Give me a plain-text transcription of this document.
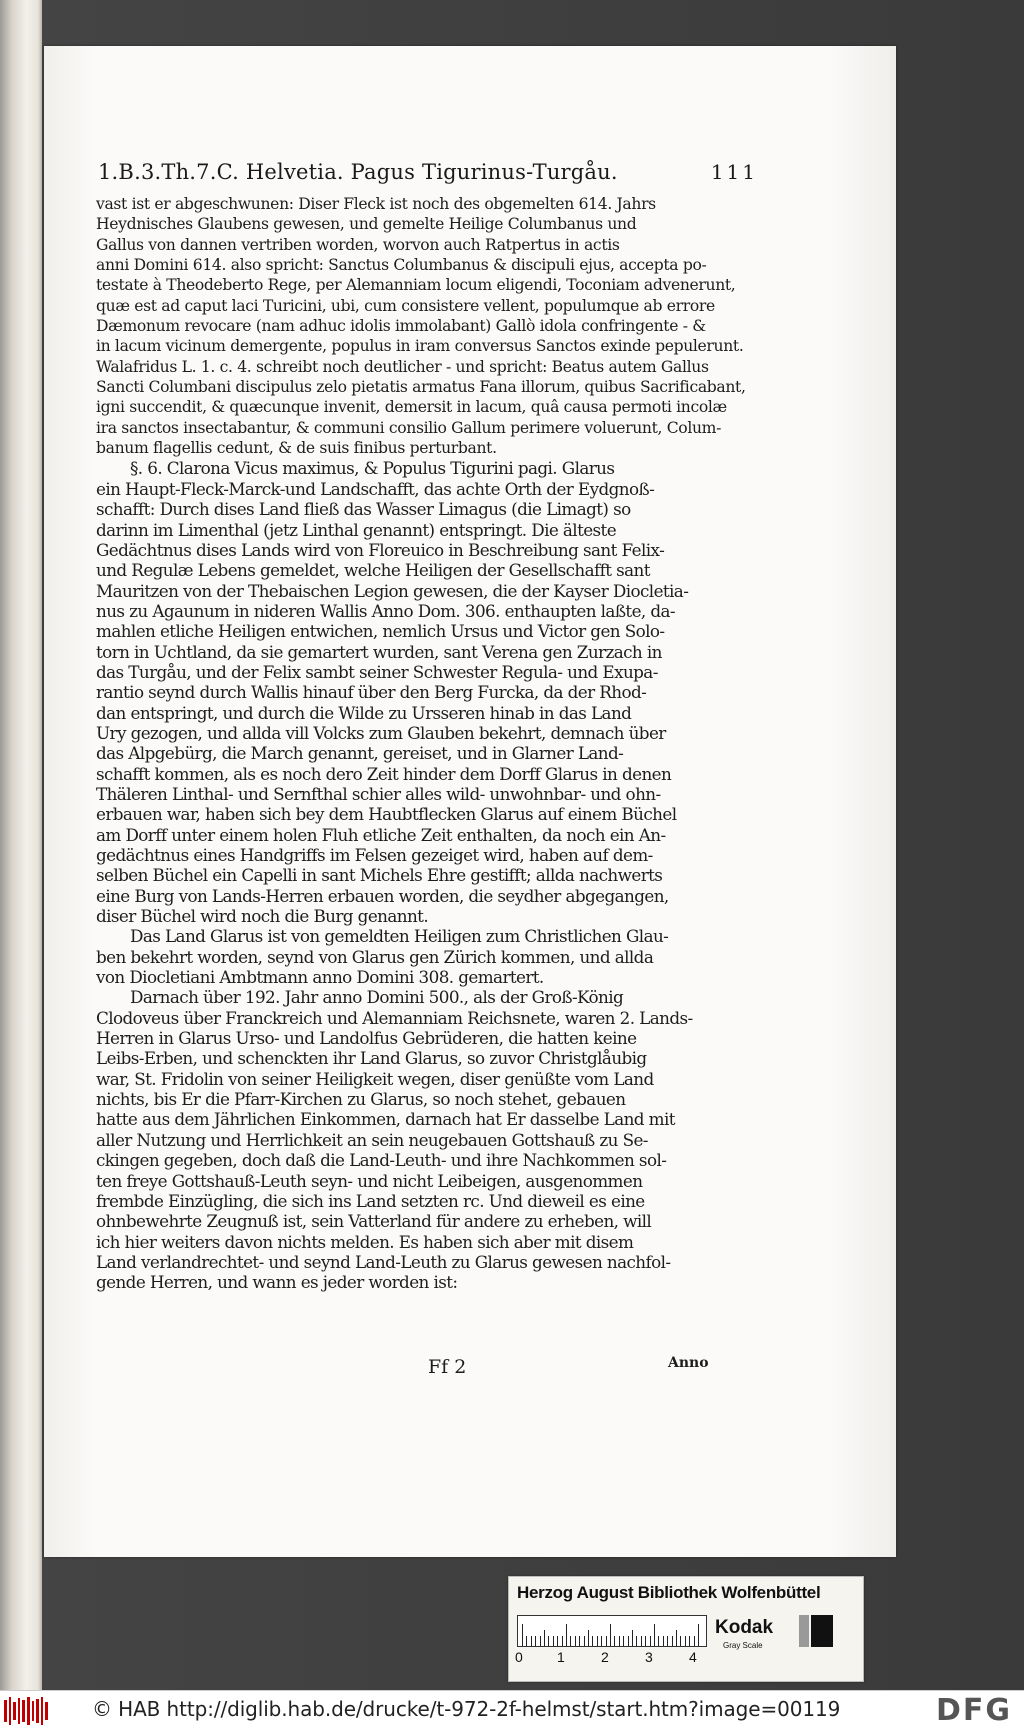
1.B.3.Th.7.C. Helvetia. Pagus Tigurinus-Turgåu.	111
vast ist er abgeschwunen: Diser Fleck ist noch des obgemelten 614. Jahrs
Heydnisches Glaubens gewesen, und gemelte Heilige Columbanus und
Gallus von dannen vertriben worden, worvon auch Ratpertus in actis
anni Domini 614. also spricht: Sanctus Columbanus & discipuli ejus, accepta po-
testate à Theodeberto Rege, per Alemanniam locum eligendi, Toconiam advenerunt,
quæ est ad caput laci Turicini, ubi, cum consistere vellent, populumque ab errore
Dæmonum revocare (nam adhuc idolis immolabant) Gallò idola confringente - &
in lacum vicinum demergente, populus in iram conversus Sanctos exinde pepulerunt.
Walafridus L. 1. c. 4. schreibt noch deutlicher - und spricht: Beatus autem Gallus
Sancti Columbani discipulus zelo pietatis armatus Fana illorum, quibus Sacrificabant,
igni succendit, & quæcunque invenit, demersit in lacum, quâ causa permoti incolæ
ira sanctos insectabantur, & communi consilio Gallum perimere voluerunt, Colum-
banum flagellis cedunt, & de suis finibus perturbant.
§. 6. Clarona Vicus maximus, & Populus Tigurini pagi. Glarus
ein Haupt-Fleck-Marck-und Landschafft, das achte Orth der Eydgnoß-
schafft: Durch dises Land fließ das Wasser Limagus (die Limagt) so
darinn im Limenthal (jetz Linthal genannt) entspringt. Die älteste
Gedächtnus dises Lands wird von Floreuico in Beschreibung sant Felix-
und Regulæ Lebens gemeldet, welche Heiligen der Gesellschafft sant
Mauritzen von der Thebaischen Legion gewesen, die der Kayser Diocletia-
nus zu Agaunum in nideren Wallis Anno Dom. 306. enthaupten laßte, da-
mahlen etliche Heiligen entwichen, nemlich Ursus und Victor gen Solo-
torn in Uchtland, da sie gemartert wurden, sant Verena gen Zurzach in
das Turgåu, und der Felix sambt seiner Schwester Regula- und Exupa-
rantio seynd durch Wallis hinauf über den Berg Furcka, da der Rhod-
dan entspringt, und durch die Wilde zu Ursseren hinab in das Land
Ury gezogen, und allda vill Volcks zum Glauben bekehrt, demnach über
das Alpgebürg, die March genannt, gereiset, und in Glarner Land-
schafft kommen, als es noch dero Zeit hinder dem Dorff Glarus in denen
Thäleren Linthal- und Sernfthal schier alles wild- unwohnbar- und ohn-
erbauen war, haben sich bey dem Haubtflecken Glarus auf einem Büchel
am Dorff unter einem holen Fluh etliche Zeit enthalten, da noch ein An-
gedächtnus eines Handgriffs im Felsen gezeiget wird, haben auf dem-
selben Büchel ein Capelli in sant Michels Ehre gestifft; allda nachwerts
eine Burg von Lands-Herren erbauen worden, die seydher abgegangen,
diser Büchel wird noch die Burg genannt.
Das Land Glarus ist von gemeldten Heiligen zum Christlichen Glau-
ben bekehrt worden, seynd von Glarus gen Zürich kommen, und allda
von Diocletiani Ambtmann anno Domini 308. gemartert.
Darnach über 192. Jahr anno Domini 500., als der Groß-König
Clodoveus über Franckreich und Alemanniam Reichsnete, waren 2. Lands-
Herren in Glarus Urso- und Landolfus Gebrüderen, die hatten keine
Leibs-Erben, und schenckten ihr Land Glarus, so zuvor Christglåubig
war, St. Fridolin von seiner Heiligkeit wegen, diser genüßte vom Land
nichts, bis Er die Pfarr-Kirchen zu Glarus, so noch stehet, gebauen
hatte aus dem Jährlichen Einkommen, darnach hat Er dasselbe Land mit
aller Nutzung und Herrlichkeit an sein neugebauen Gottshauß zu Se-
ckingen gegeben, doch daß die Land-Leuth- und ihre Nachkommen sol-
ten freye Gottshauß-Leuth seyn- und nicht Leibeigen, ausgenommen
frembde Einzügling, die sich ins Land setzten rc. Und dieweil es eine
ohnbewehrte Zeugnuß ist, sein Vatterland für andere zu erheben, will
ich hier weiters davon nichts melden. Es haben sich aber mit disem
Land verlandrechtet- und seynd Land-Leuth zu Glarus gewesen nachfol-
gende Herren, und wann es jeder worden ist:
Ff 2	Anno
Herzog August Bibliothek Wolfenbüttel
0 1	2	3	4
Kodak
Gray Scale
© HAB http://diglib.hab.de/drucke/t-972-2f-helmst/start.htm?image=00119	DFG
